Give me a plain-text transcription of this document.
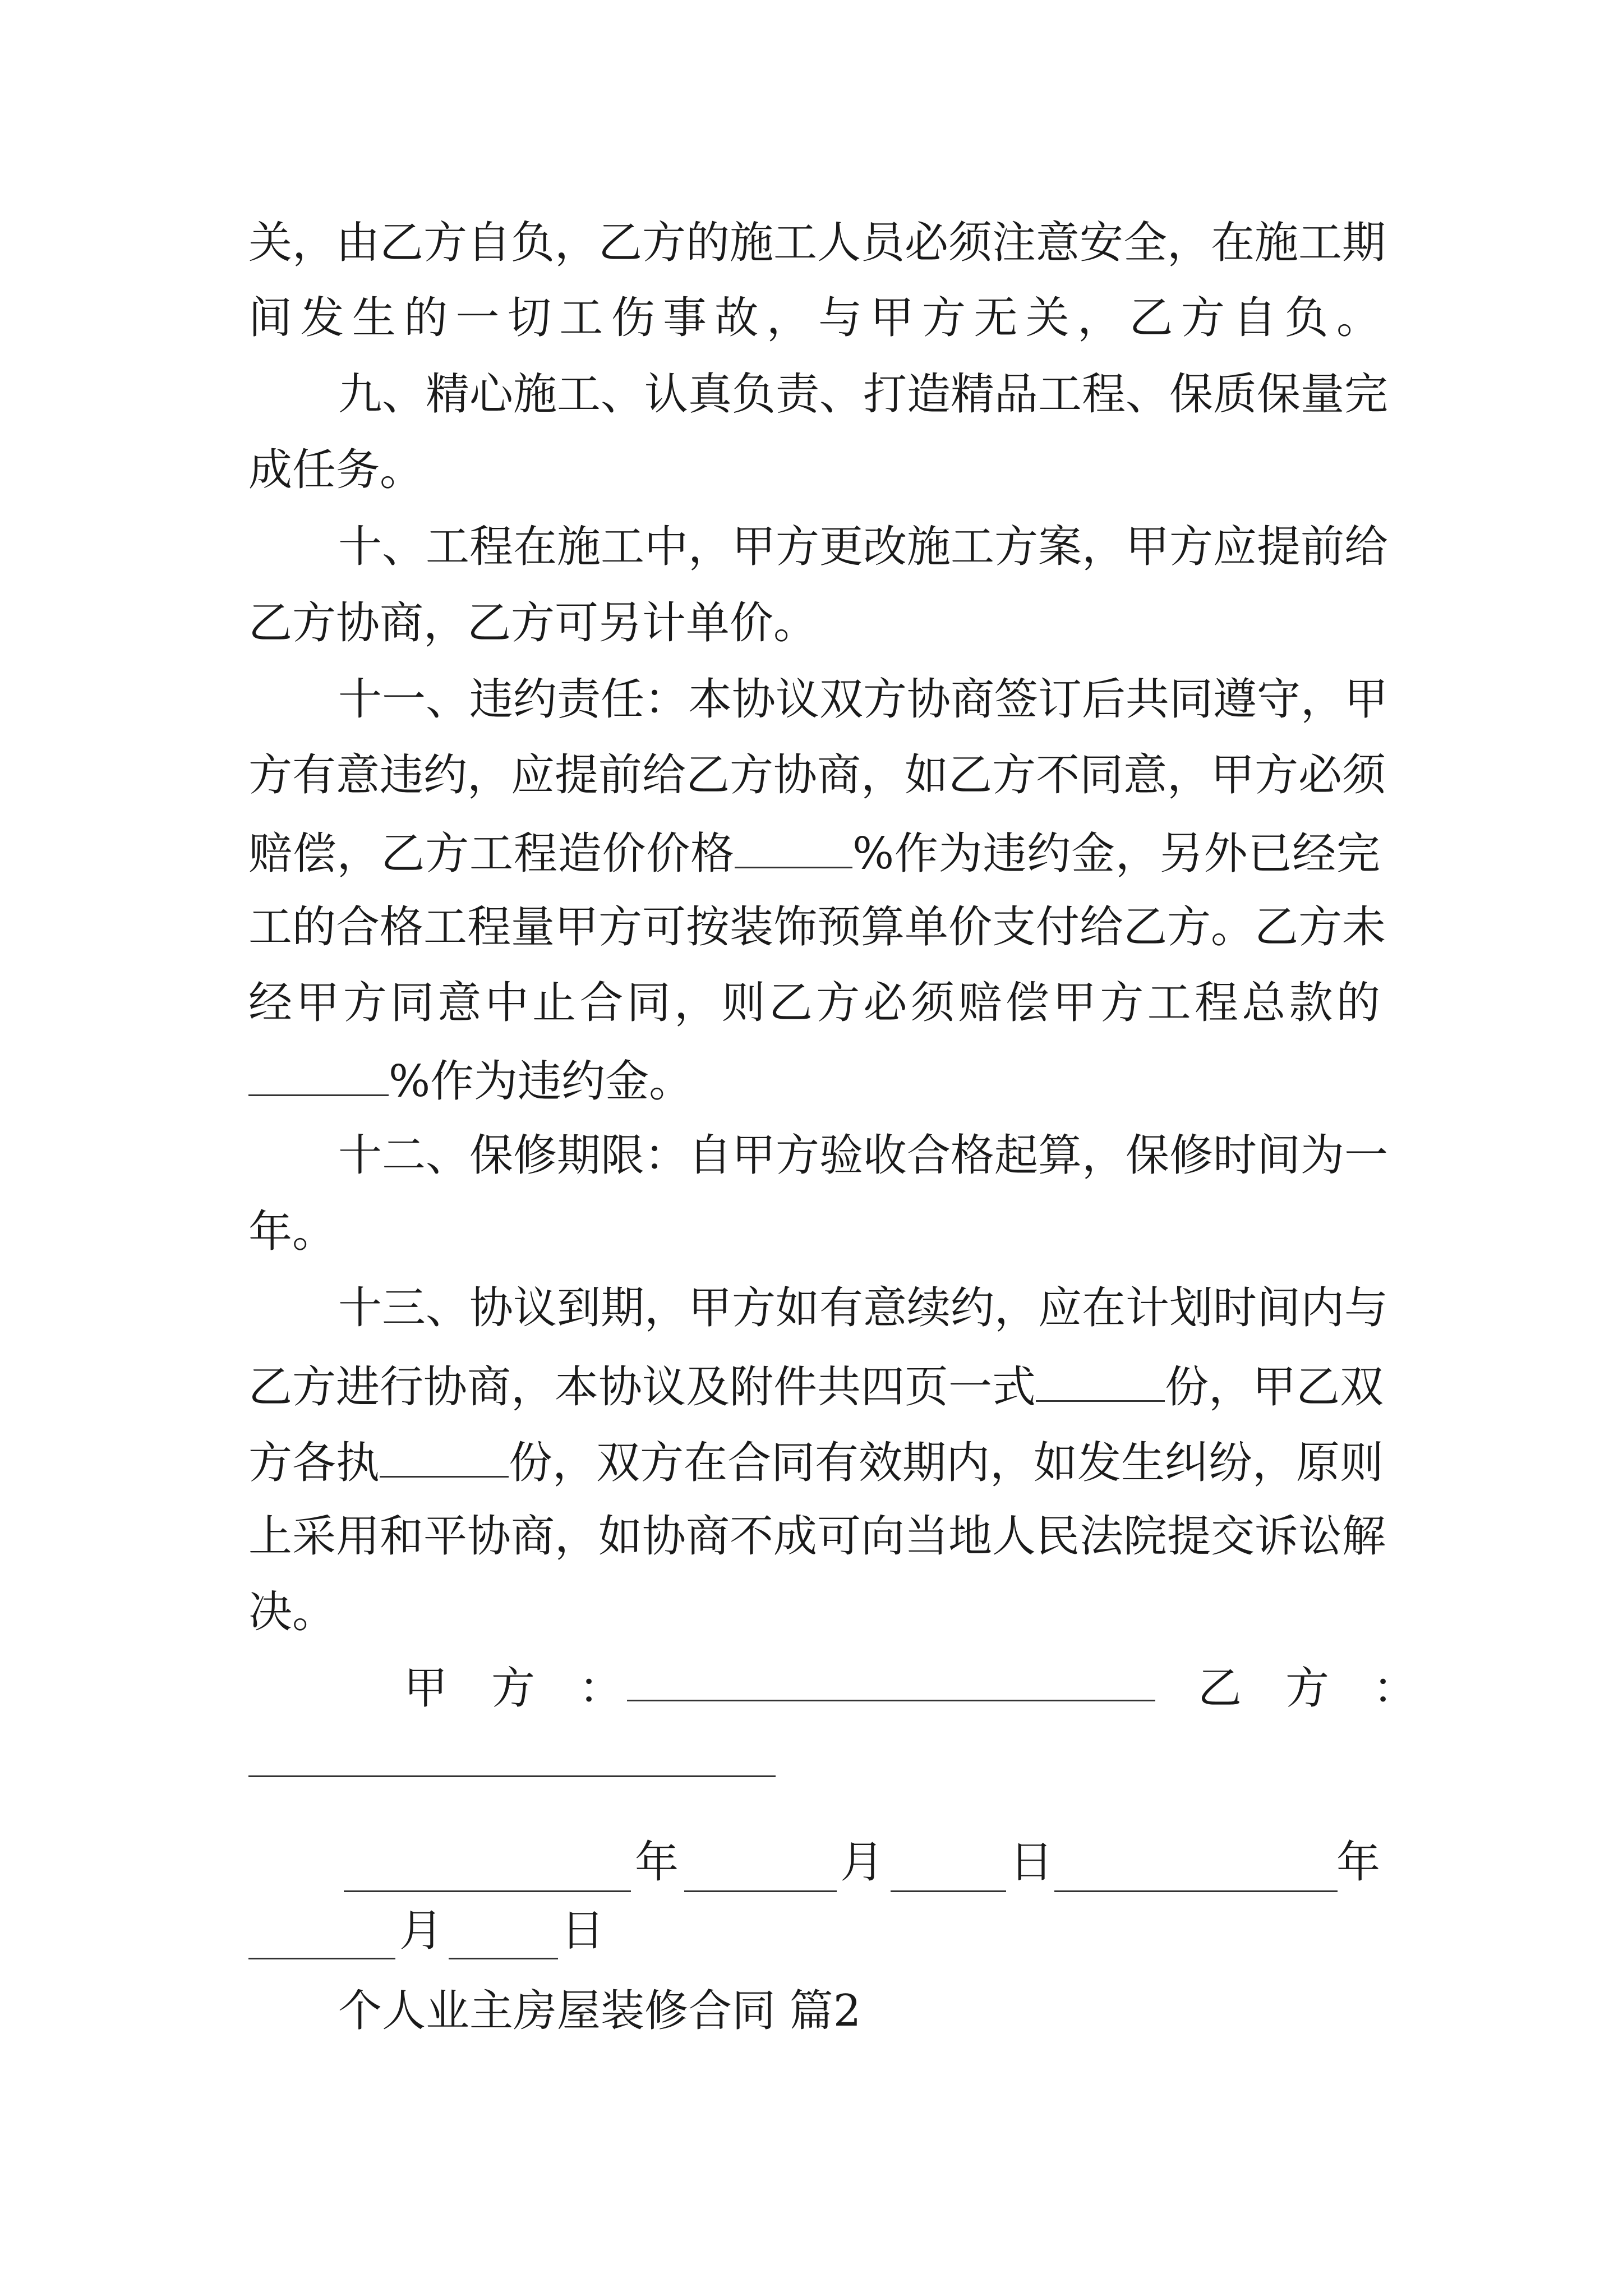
关，由乙方自负，乙方的施工人员必须注意安全，在施工期
间发生的一切工伤事故，与甲方无关，乙方自负。
九、精心施工、认真负责、打造精品工程、保质保量完
成任务。
十、工程在施工中，甲方更改施工方案，甲方应提前给
乙方协商，乙方可另计单价。
十一、违约责任：本协议双方协商签订后共同遵守，甲
方有意违约，应提前给乙方协商，如乙方不同意，甲方必须
赔偿，乙方工程造价价格	%作为违约金，另外已经完
工的合格工程量甲方可按装饰预算单价支付给乙方。乙方未
经甲方同意中止合同，则乙方必须赔偿甲方工程总款的
%作为违约金。
十二、保修期限：自甲方验收合格起算，保修时间为一
年。
十三、协议到期，甲方如有意续约，应在计划时间内与
乙方进行协商，本协议及附件共四页一式	份，甲乙双
方各执	份，双方在合同有效期内，如发生纠纷，原则
上采用和平协商，如协商不成可向当地人民法院提交诉讼解
决。
甲　方　：	乙　方　：
年	月	日	年
月	日
个人业主房屋装修合同 篇2
